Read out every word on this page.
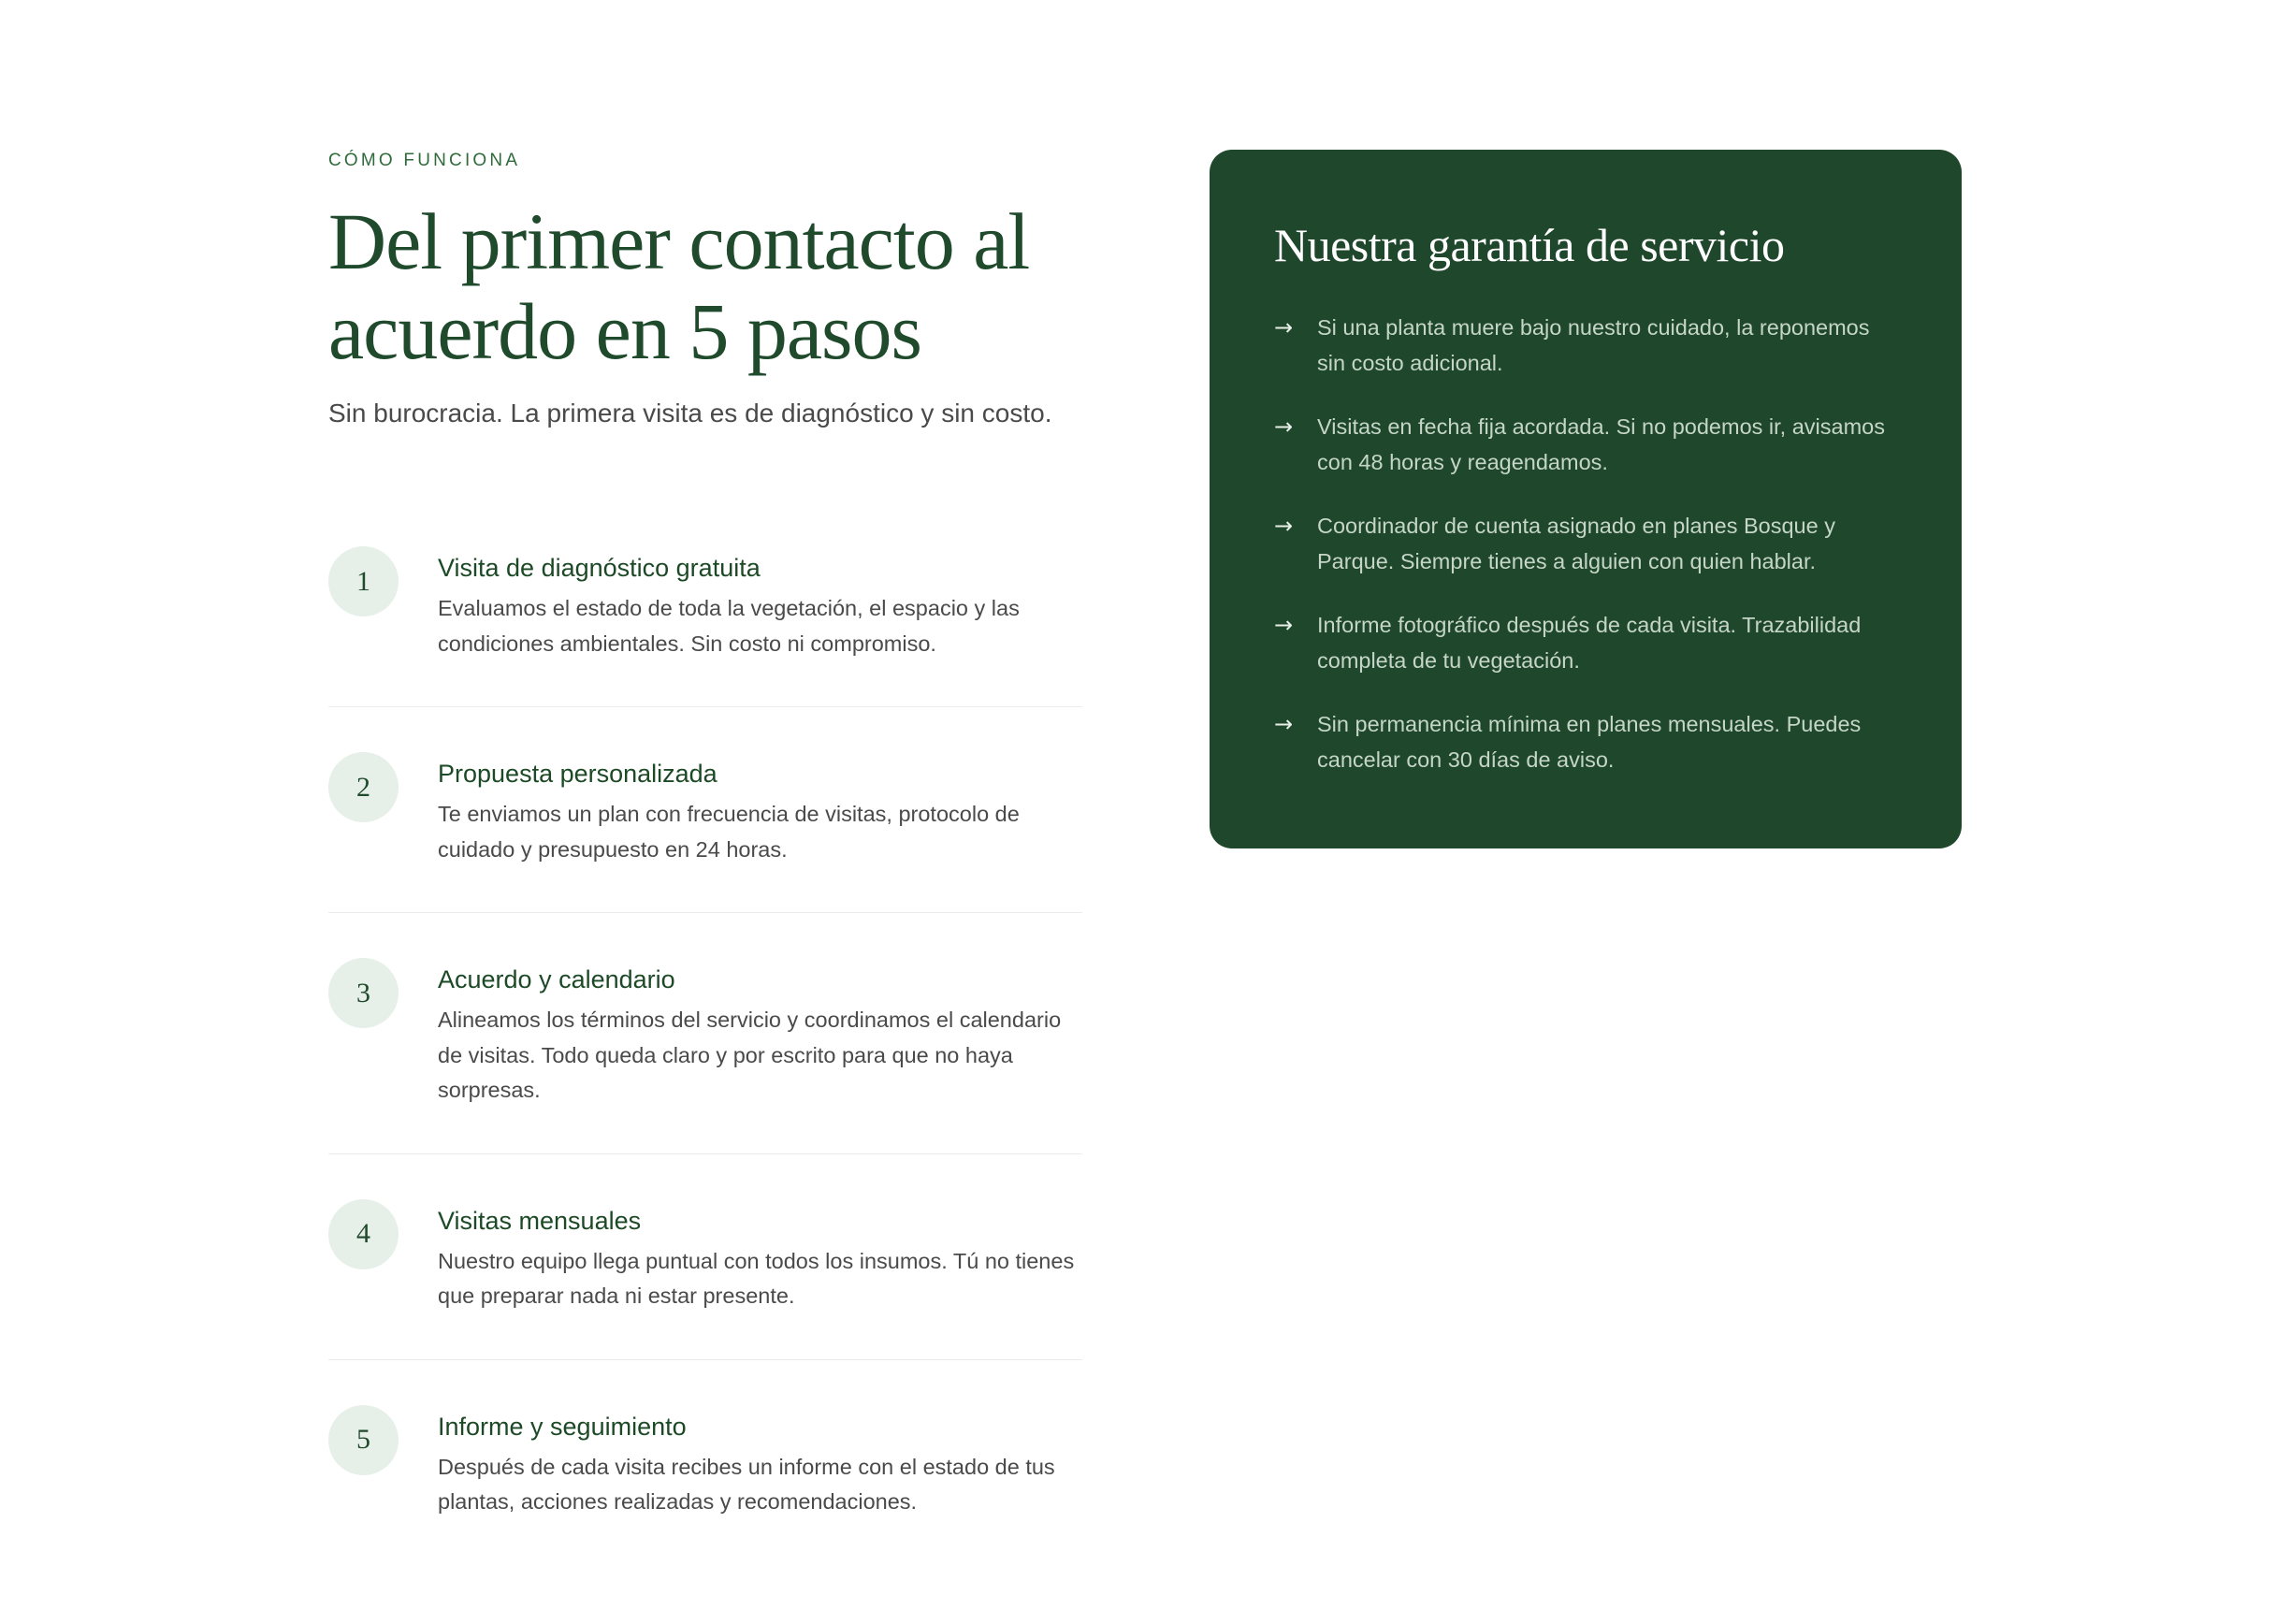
CÓMO FUNCIONA

Del primer contacto al
acuerdo en 5 pasos

Sin burocracia. La primera visita es de diagnóstico y sin costo.

1	Visita de diagnóstico gratuita

Evaluamos el estado de toda la vegetación, el espacio y las condiciones ambientales. Sin costo ni compromiso.

2	Propuesta personalizada

Te enviamos un plan con frecuencia de visitas, protocolo de cuidado y presupuesto en 24 horas.

3	Acuerdo y calendario

Alineamos los términos del servicio y coordinamos el calendario de visitas. Todo queda claro y por escrito para que no haya sorpresas.

4	Visitas mensuales

Nuestro equipo llega puntual con todos los insumos. Tú no tienes que preparar nada ni estar presente.

5	Informe y seguimiento

Después de cada visita recibes un informe con el estado de tus plantas, acciones realizadas y recomendaciones.

Nuestra garantía de servicio
→	Si una planta muere bajo nuestro cuidado, la reponemos sin costo adicional.
→	Visitas en fecha fija acordada. Si no podemos ir, avisamos con 48 horas y reagendamos.
→	Coordinador de cuenta asignado en planes Bosque y Parque. Siempre tienes a alguien con quien hablar.
→	Informe fotográfico después de cada visita. Trazabilidad completa de tu vegetación.
→	Sin permanencia mínima en planes mensuales. Puedes cancelar con 30 días de aviso.
